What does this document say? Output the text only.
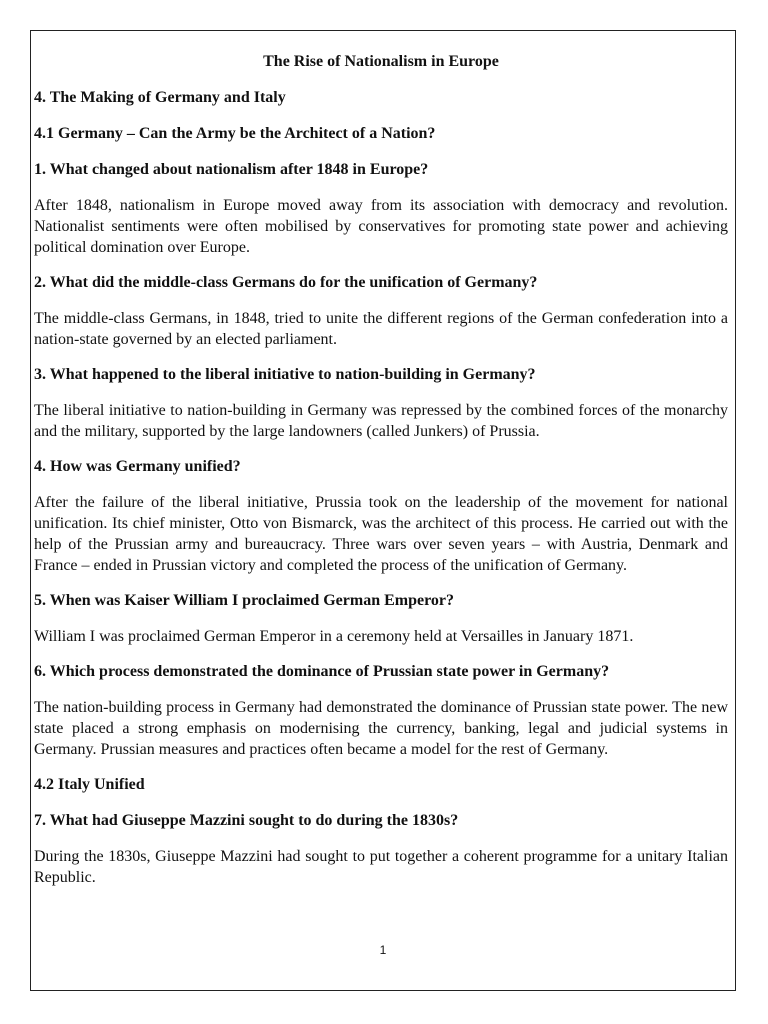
The Rise of Nationalism in Europe
4. The Making of Germany and Italy
4.1 Germany – Can the Army be the Architect of a Nation?
1. What changed about nationalism after 1848 in Europe?
After 1848, nationalism in Europe moved away from its association with democracy and revolution. Nationalist sentiments were often mobilised by conservatives for promoting state power and achieving political domination over Europe.
2. What did the middle-class Germans do for the unification of Germany?
The middle-class Germans, in 1848, tried to unite the different regions of the German confederation into a nation-state governed by an elected parliament.
3. What happened to the liberal initiative to nation-building in Germany?
The liberal initiative to nation-building in Germany was repressed by the combined forces of the monarchy and the military, supported by the large landowners (called Junkers) of Prussia.
4. How was Germany unified?
After the failure of the liberal initiative, Prussia took on the leadership of the movement for national unification. Its chief minister, Otto von Bismarck, was the architect of this process. He carried out with the help of the Prussian army and bureaucracy. Three wars over seven years – with Austria, Denmark and France – ended in Prussian victory and completed the process of the unification of Germany.
5. When was Kaiser William I proclaimed German Emperor?
William I was proclaimed German Emperor in a ceremony held at Versailles in January 1871.
6. Which process demonstrated the dominance of Prussian state power in Germany?
The nation-building process in Germany had demonstrated the dominance of Prussian state power. The new state placed a strong emphasis on modernising the currency, banking, legal and judicial systems in Germany. Prussian measures and practices often became a model for the rest of Germany.
4.2 Italy Unified
7. What had Giuseppe Mazzini sought to do during the 1830s?
During the 1830s, Giuseppe Mazzini had sought to put together a coherent programme for a unitary Italian Republic.
1
